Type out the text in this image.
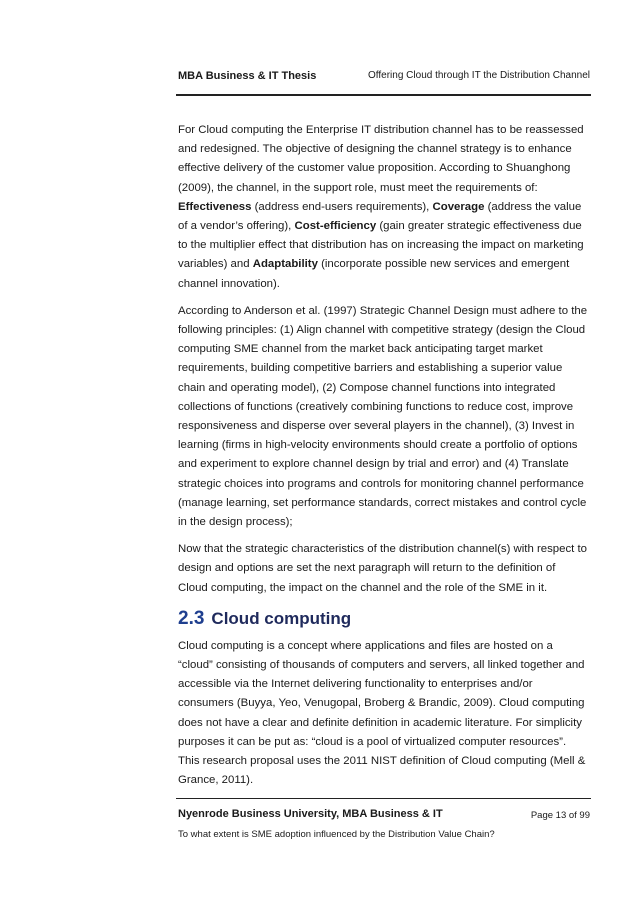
MBA Business & IT Thesis	Offering Cloud through IT the Distribution Channel

For Cloud computing the Enterprise IT distribution channel has to be reassessed and redesigned. The objective of designing the channel strategy is to enhance effective delivery of the customer value proposition. According to Shuanghong (2009), the channel, in the support role, must meet the requirements of: Effectiveness (address end-users requirements), Coverage (address the value of a vendor’s offering), Cost-efficiency (gain greater strategic effectiveness due to the multiplier effect that distribution has on increasing the impact on marketing variables) and Adaptability (incorporate possible new services and emergent channel innovation).

According to Anderson et al. (1997) Strategic Channel Design must adhere to the following principles: (1) Align channel with competitive strategy (design the Cloud computing SME channel from the market back anticipating target market requirements, building competitive barriers and establishing a superior value chain and operating model), (2) Compose channel functions into integrated collections of functions (creatively combining functions to reduce cost, improve responsiveness and disperse over several players in the channel), (3) Invest in learning (firms in high-velocity environments should create a portfolio of options and experiment to explore channel design by trial and error) and (4) Translate strategic choices into programs and controls for monitoring channel performance (manage learning, set performance standards, correct mistakes and control cycle in the design process);

Now that the strategic characteristics of the distribution channel(s) with respect to design and options are set the next paragraph will return to the definition of Cloud computing, the impact on the channel and the role of the SME in it.

2.3 Cloud computing

Cloud computing is a concept where applications and files are hosted on a “cloud” consisting of thousands of computers and servers, all linked together and accessible via the Internet delivering functionality to enterprises and/or consumers (Buyya, Yeo, Venugopal, Broberg & Brandic, 2009). Cloud computing does not have a clear and definite definition in academic literature. For simplicity purposes it can be put as: “cloud is a pool of virtualized computer resources”. This research proposal uses the 2011 NIST definition of Cloud computing (Mell & Grance, 2011).

Nyenrode Business University, MBA Business & IT	Page 13 of 99
To what extent is SME adoption influenced by the Distribution Value Chain?
